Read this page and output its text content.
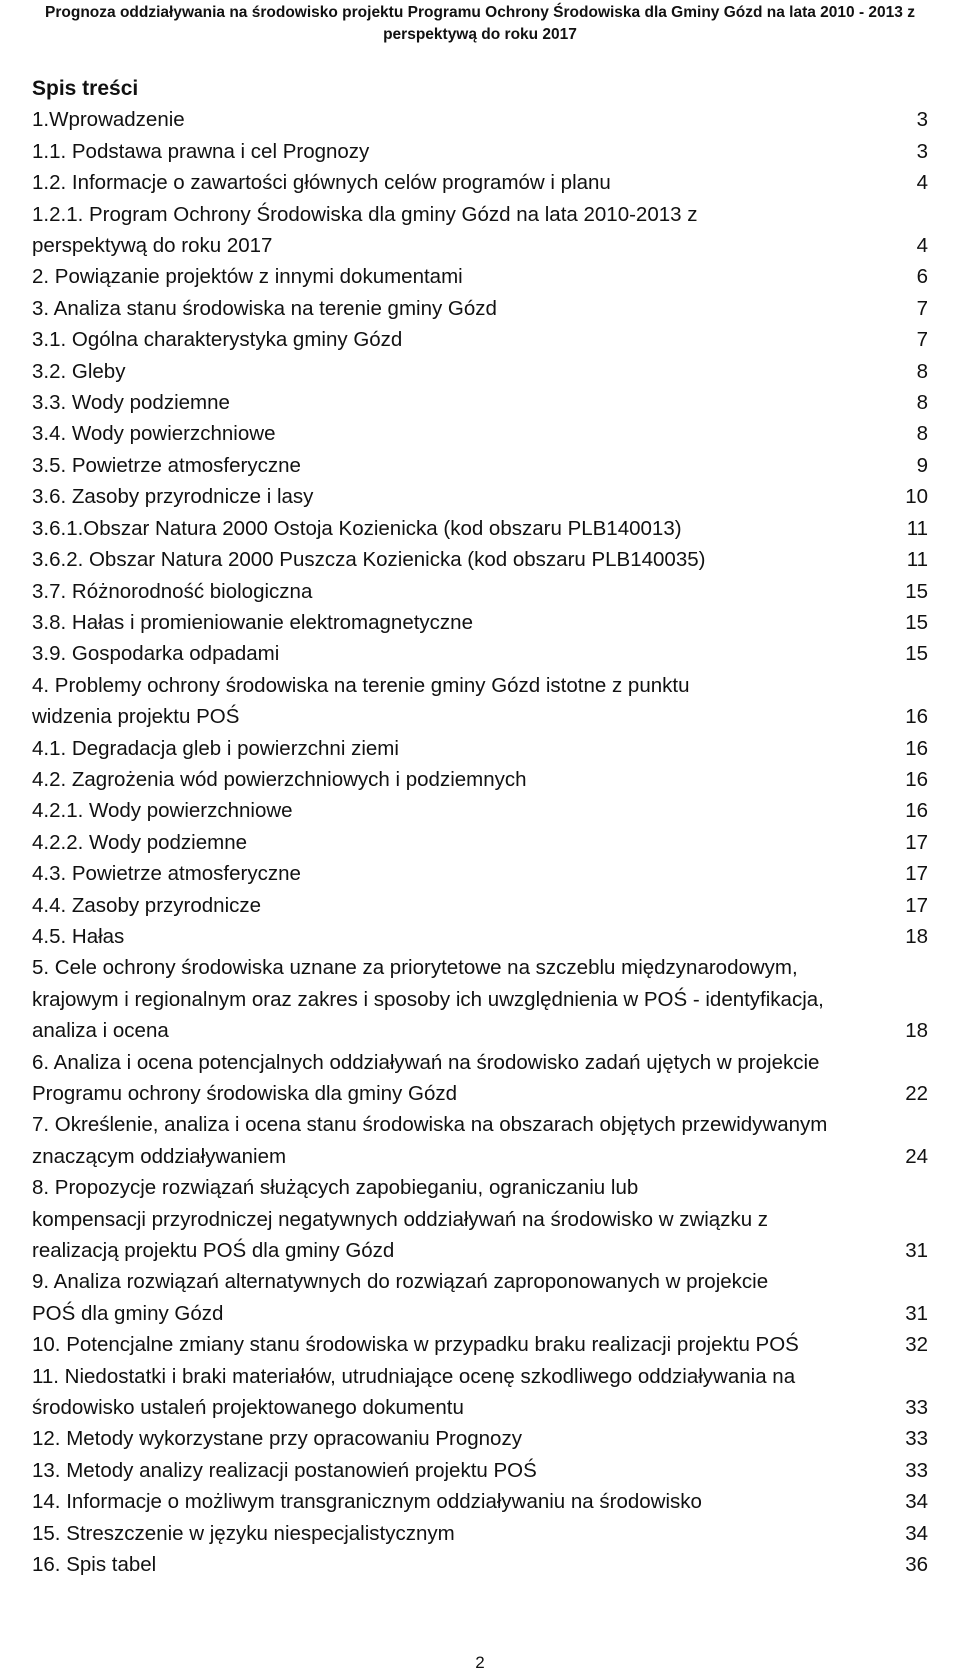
Prognoza oddziaływania na środowisko projektu Programu Ochrony Środowiska dla Gminy Gózd na lata 2010 - 2013 z
perspektywą do roku 2017
Spis treści
1.Wprowadzenie	3
1.1. Podstawa prawna i cel Prognozy	3
1.2. Informacje o zawartości głównych celów programów i planu	4
1.2.1. Program Ochrony Środowiska dla gminy Gózd na lata 2010-2013 z
perspektywą do roku 2017	4
2. Powiązanie projektów z innymi dokumentami	6
3. Analiza stanu środowiska na terenie gminy Gózd	7
3.1. Ogólna charakterystyka gminy Gózd	7
3.2. Gleby	8
3.3. Wody podziemne	8
3.4. Wody powierzchniowe	8
3.5. Powietrze atmosferyczne	9
3.6. Zasoby przyrodnicze i lasy	10
3.6.1.Obszar Natura 2000 Ostoja Kozienicka (kod obszaru PLB140013)	11
3.6.2. Obszar Natura 2000 Puszcza Kozienicka (kod obszaru PLB140035)	11
3.7. Różnorodność biologiczna	15
3.8. Hałas i promieniowanie elektromagnetyczne	15
3.9. Gospodarka odpadami	15
4. Problemy ochrony środowiska na terenie gminy Gózd istotne z punktu
widzenia projektu POŚ	16
4.1. Degradacja gleb i powierzchni ziemi	16
4.2. Zagrożenia wód powierzchniowych i podziemnych	16
4.2.1. Wody powierzchniowe	16
4.2.2. Wody podziemne	17
4.3. Powietrze atmosferyczne	17
4.4. Zasoby przyrodnicze	17
4.5. Hałas	18
5. Cele ochrony środowiska uznane za priorytetowe na szczeblu międzynarodowym,
krajowym i regionalnym oraz zakres i sposoby ich uwzględnienia w POŚ - identyfikacja,
analiza i ocena	18
6. Analiza i ocena potencjalnych oddziaływań na środowisko zadań ujętych w projekcie
Programu ochrony środowiska dla gminy Gózd	22
7. Określenie, analiza i ocena stanu środowiska na obszarach objętych przewidywanym
znaczącym oddziaływaniem	24
8. Propozycje rozwiązań służących zapobieganiu, ograniczaniu lub
kompensacji przyrodniczej negatywnych oddziaływań na środowisko w związku z
realizacją projektu POŚ dla gminy Gózd	31
9. Analiza rozwiązań alternatywnych do rozwiązań zaproponowanych w projekcie
POŚ dla gminy Gózd	31
10. Potencjalne zmiany stanu środowiska w przypadku braku realizacji projektu POŚ	32
11. Niedostatki i braki materiałów, utrudniające ocenę szkodliwego oddziaływania na
środowisko ustaleń projektowanego dokumentu	33
12. Metody wykorzystane przy opracowaniu Prognozy	33
13. Metody analizy realizacji postanowień projektu POŚ	33
14. Informacje o możliwym transgranicznym oddziaływaniu na środowisko	34
15. Streszczenie w języku niespecjalistycznym	34
16. Spis tabel	36
2
